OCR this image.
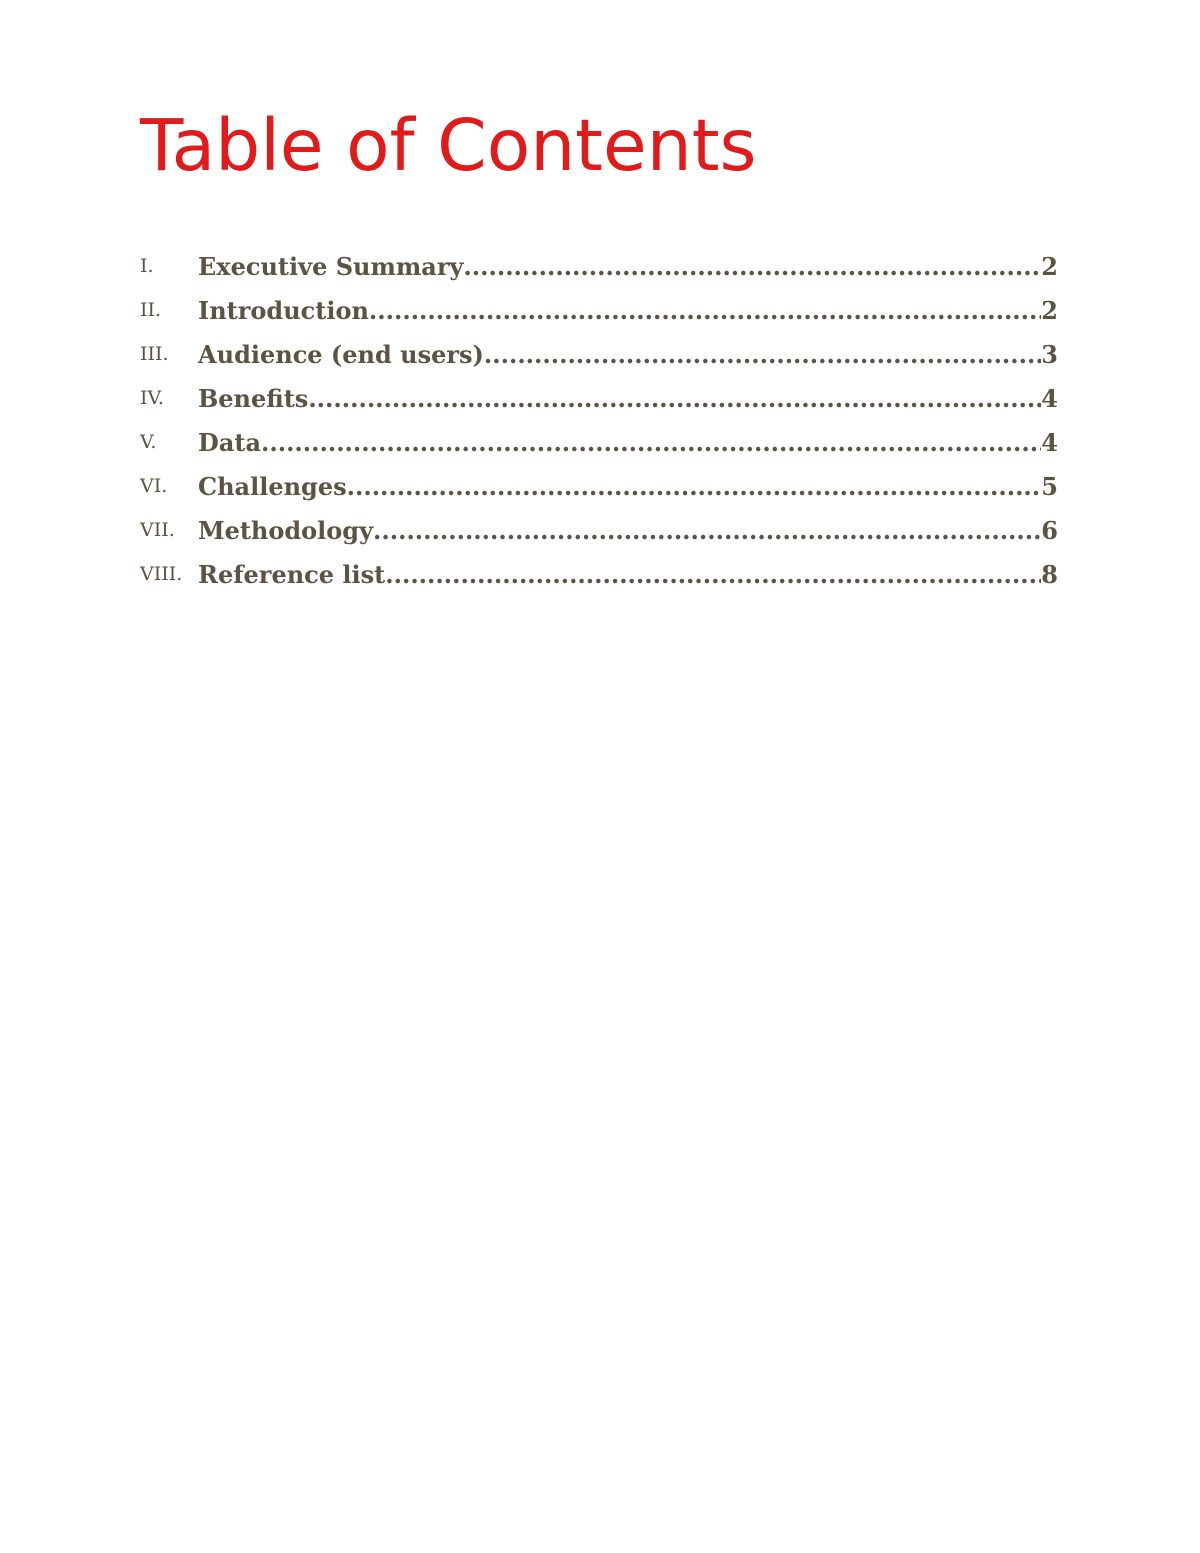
Table of Contents
I.	Executive Summary .....	2
II.	Introduction .....	2
III.	Audience (end users) .....	3
IV.	Benefits .....	4
V.	Data .....	4
VI.	Challenges .....	5
VII. Methodology .....	6
VIII. Reference list .....	8
